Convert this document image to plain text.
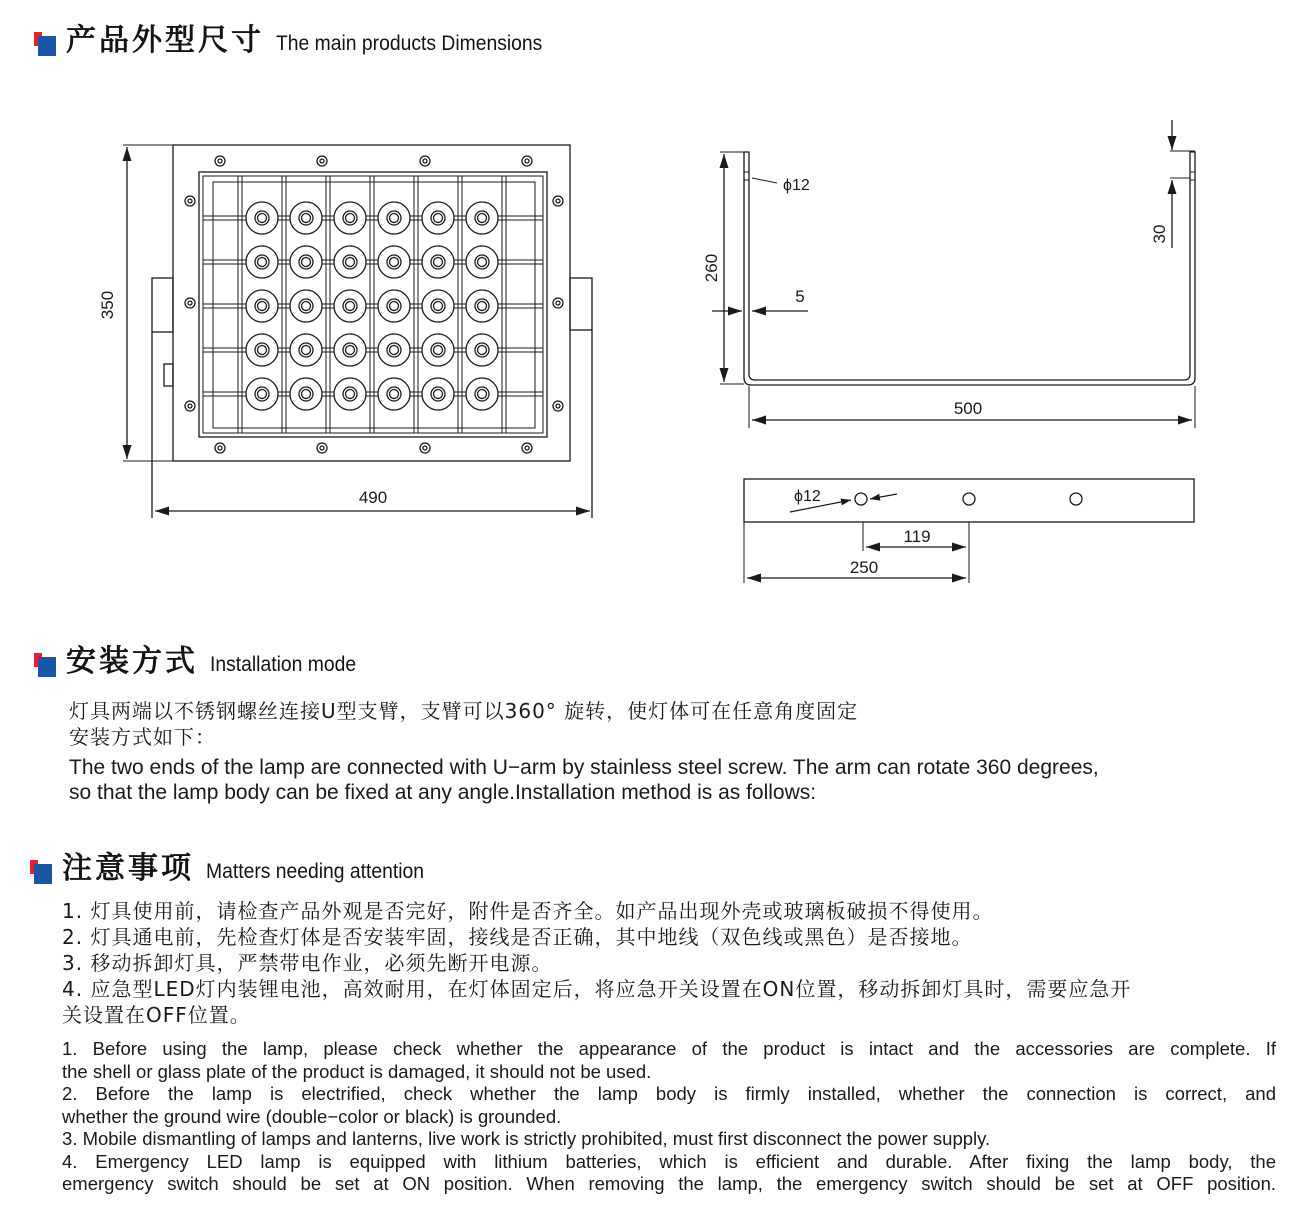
产品外型尺寸 The main products Dimensions
350
490
ϕ12
260
5
30
500
ϕ12
119
250
安装方式 Installation mode
灯具两端以不锈钢螺丝连接U型支臂，支臂可以360° 旋转，使灯体可在任意角度固定
安装方式如下：
The two ends of the lamp are connected with U−arm by stainless steel screw. The arm can rotate 360 degrees,
so that the lamp body can be fixed at any angle.Installation method is as follows:
注意事项 Matters needing attention
1. 灯具使用前，请检查产品外观是否完好，附件是否齐全。如产品出现外壳或玻璃板破损不得使用。
2. 灯具通电前，先检查灯体是否安装牢固，接线是否正确，其中地线（双色线或黑色）是否接地。
3. 移动拆卸灯具，严禁带电作业，必须先断开电源。
4. 应急型LED灯内装锂电池，高效耐用，在灯体固定后，将应急开关设置在ON位置，移动拆卸灯具时，需要应急开
关设置在OFF位置。
1. Before using the lamp, please check whether the appearance of the product is intact and the accessories are complete. If
the shell or glass plate of the product is damaged, it should not be used.
2. Before the lamp is electrified, check whether the lamp body is firmly installed, whether the connection is correct, and
whether the ground wire (double−color or black) is grounded.
3. Mobile dismantling of lamps and lanterns, live work is strictly prohibited, must first disconnect the power supply.
4. Emergency LED lamp is equipped with lithium batteries, which is efficient and durable. After fixing the lamp body, the
emergency switch should be set at ON position. When removing the lamp, the emergency switch should be set at OFF position.
